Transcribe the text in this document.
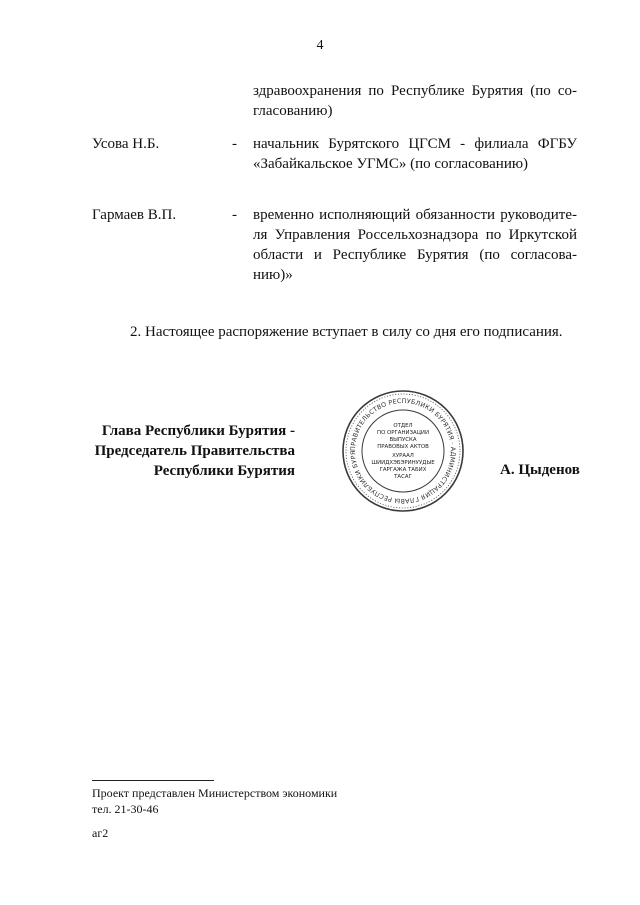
4
здравоохранения по Республике Бурятия (по со-
гласованию)
Усова Н.Б.	- начальник Бурятского ЦГСМ - филиала ФГБУ
«Забайкальское УГМС» (по согласованию)
Гармаев В.П.	- временно исполняющий обязанности руководите-
ля Управления Россельхознадзора по Иркутской
области и Республике Бурятия (по согласова-
нию)»
2. Настоящее распоряжение вступает в силу со дня его подписания.
Глава Республики Бурятия -
Председатель Правительства
Республики Бурятия
ПРАВИТЕЛЬСТВО РЕСПУБЛИКИ БУРЯТИЯ · АДМИНИСТРАЦИЯ ГЛАВЫ РЕСПУБЛИКИ БУРЯ
ОТДЕЛ
ПО ОРГАНИЗАЦИИ
ВЫПУСКА
ПРАВОВЫХ АКТОВ
ХУРААЛ
ШИИДХЭБЭРИНУУДЫЕ
ГАРГАЖА ТАБИХ
ТАСАГ	А. Цыденов
Проект представлен Министерством экономики
тел. 21-30-46
аг2
